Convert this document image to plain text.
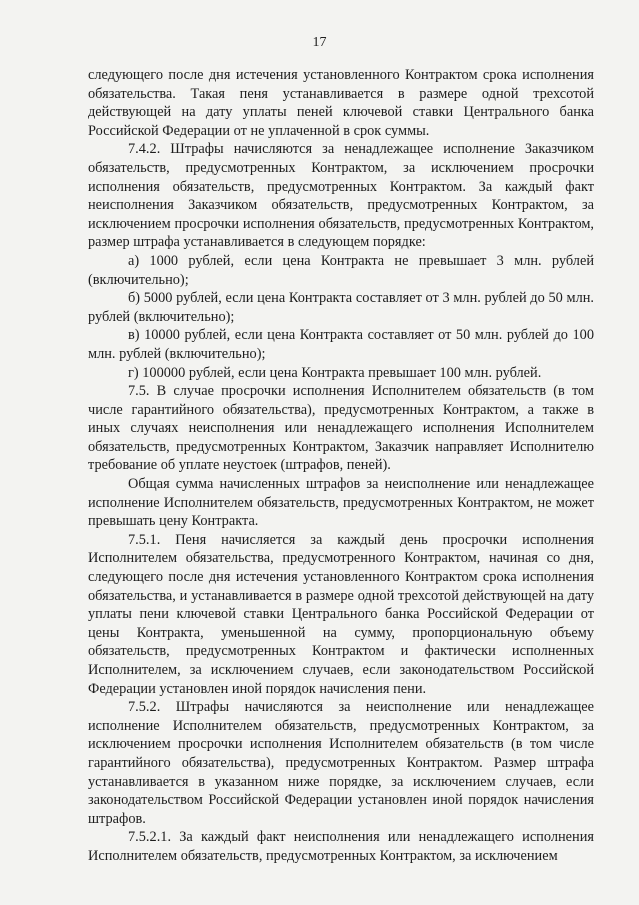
17

следующего после дня истечения установленного Контрактом срока исполнения обязательства. Такая пеня устанавливается в размере одной трехсотой действующей на дату уплаты пеней ключевой ставки Центрального банка Российской Федерации от не уплаченной в срок суммы.

7.4.2. Штрафы начисляются за ненадлежащее исполнение Заказчиком обязательств, предусмотренных Контрактом, за исключением просрочки исполнения обязательств, предусмотренных Контрактом. За каждый факт неисполнения Заказчиком обязательств, предусмотренных Контрактом, за исключением просрочки исполнения обязательств, предусмотренных Контрактом, размер штрафа устанавливается в следующем порядке:

а) 1000 рублей, если цена Контракта не превышает 3 млн. рублей (включительно);

б) 5000 рублей, если цена Контракта составляет от 3 млн. рублей до 50 млн. рублей (включительно);

в) 10000 рублей, если цена Контракта составляет от 50 млн. рублей до 100 млн. рублей (включительно);

г) 100000 рублей, если цена Контракта превышает 100 млн. рублей.

7.5. В случае просрочки исполнения Исполнителем обязательств (в том числе гарантийного обязательства), предусмотренных Контрактом, а также в иных случаях неисполнения или ненадлежащего исполнения Исполнителем обязательств, предусмотренных Контрактом, Заказчик направляет Исполнителю требование об уплате неустоек (штрафов, пеней).

Общая сумма начисленных штрафов за неисполнение или ненадлежащее исполнение Исполнителем обязательств, предусмотренных Контрактом, не может превышать цену Контракта.

7.5.1. Пеня начисляется за каждый день просрочки исполнения Исполнителем обязательства, предусмотренного Контрактом, начиная со дня, следующего после дня истечения установленного Контрактом срока исполнения обязательства, и устанавливается в размере одной трехсотой действующей на дату уплаты пени ключевой ставки Центрального банка Российской Федерации от цены Контракта, уменьшенной на сумму, пропорциональную объему обязательств, предусмотренных Контрактом и фактически исполненных Исполнителем, за исключением случаев, если законодательством Российской Федерации установлен иной порядок начисления пени.

7.5.2. Штрафы начисляются за неисполнение или ненадлежащее исполнение Исполнителем обязательств, предусмотренных Контрактом, за исключением просрочки исполнения Исполнителем обязательств (в том числе гарантийного обязательства), предусмотренных Контрактом. Размер штрафа устанавливается в указанном ниже порядке, за исключением случаев, если законодательством Российской Федерации установлен иной порядок начисления штрафов.

7.5.2.1. За каждый факт неисполнения или ненадлежащего исполнения Исполнителем обязательств, предусмотренных Контрактом, за исключением
